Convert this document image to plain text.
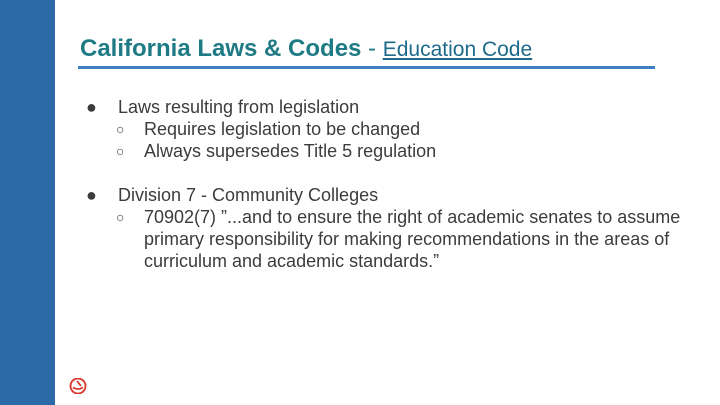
California Laws & Codes - Education Code
●	Laws resulting from legislation
○	Requires legislation to be changed
○	Always supersedes Title 5 regulation
●	Division 7 - Community Colleges
○	70902(7) ”...and to ensure the right of academic senates to assume primary responsibility for making recommendations in the areas of curriculum and academic standards.”
